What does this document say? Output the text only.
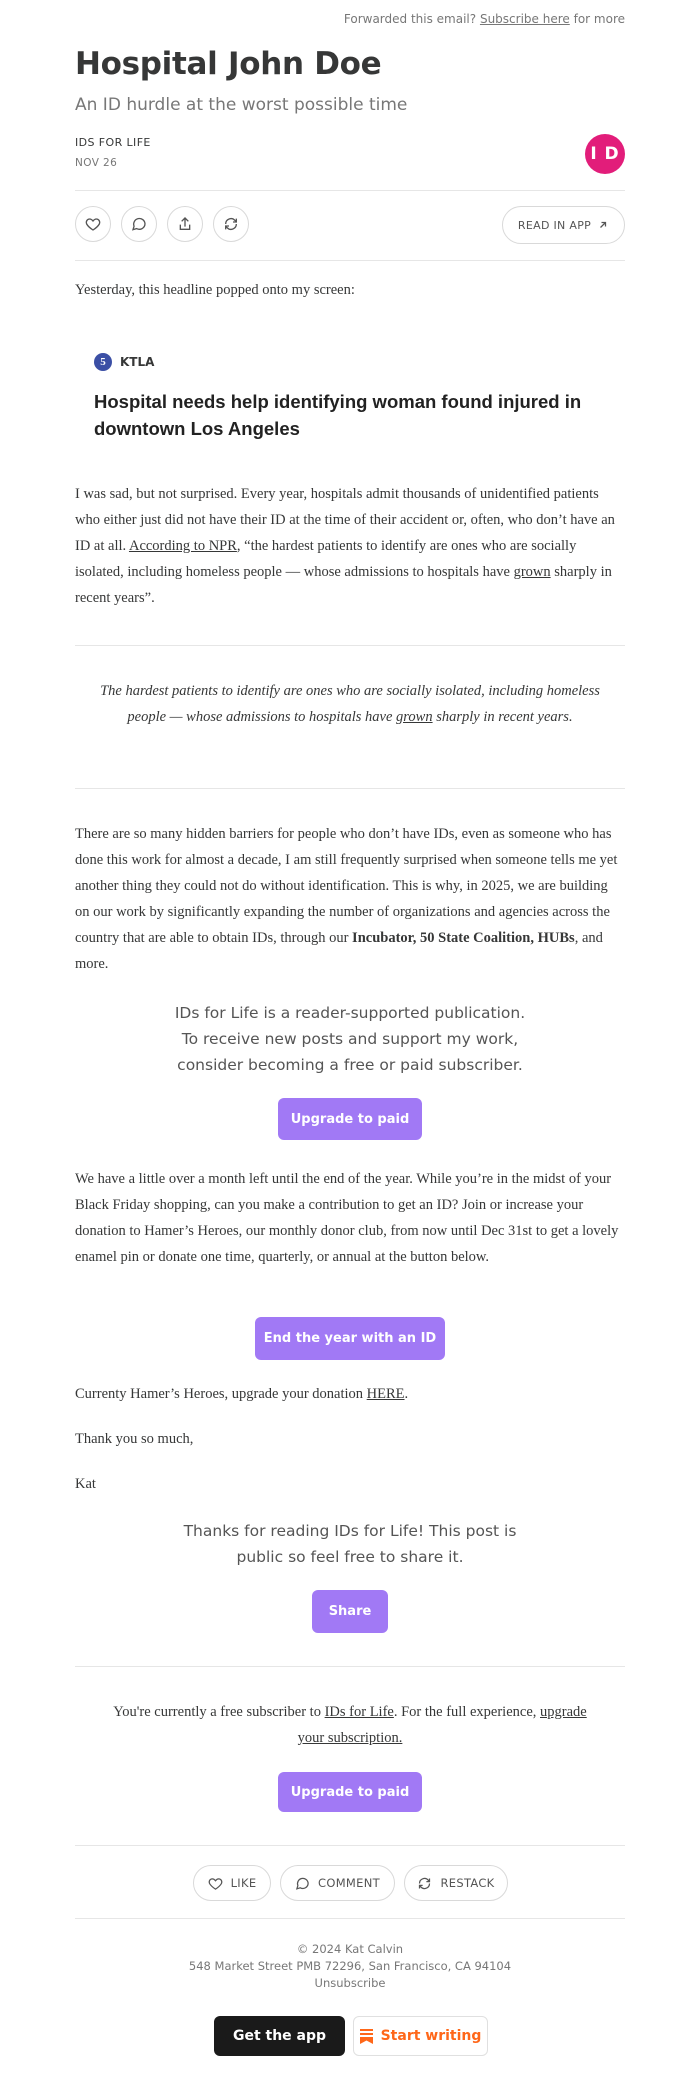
Forwarded this email? Subscribe here for more
Hospital John Doe
An ID hurdle at the worst possible time
IDS FOR LIFE
NOV 26	I D
READ IN APP

Yesterday, this headline popped onto my screen:

5	KTLA
Hospital needs help identifying woman found injured in downtown Los Angeles

I was sad, but not surprised. Every year, hospitals admit thousands of unidentified patients who either just did not have their ID at the time of their accident or, often, who don’t have an ID at all. According to NPR, “the hardest patients to identify are ones who are socially isolated, including homeless people — whose admissions to hospitals have grown sharply in recent years”.

The hardest patients to identify are ones who are socially isolated, including homeless people — whose admissions to hospitals have grown sharply in recent years.

There are so many hidden barriers for people who don’t have IDs, even as someone who has done this work for almost a decade, I am still frequently surprised when someone tells me yet another thing they could not do without identification. This is why, in 2025, we are building on our work by significantly expanding the number of organizations and agencies across the country that are able to obtain IDs, through our Incubator, 50 State Coalition, HUBs, and more.

IDs for Life is a reader-supported publication. To receive new posts and support my work, consider becoming a free or paid subscriber.
Upgrade to paid

We have a little over a month left until the end of the year. While you’re in the midst of your Black Friday shopping, can you make a contribution to get an ID? Join or increase your donation to Hamer’s Heroes, our monthly donor club, from now until Dec 31st to get a lovely enamel pin or donate one time, quarterly, or annual at the button below.

End the year with an ID

Currenty Hamer’s Heroes, upgrade your donation HERE.

Thank you so much,

Kat

Thanks for reading IDs for Life! This post is public so feel free to share it.
Share
You're currently a free subscriber to IDs for Life. For the full experience, upgrade your subscription.
Upgrade to paid
LIKE	COMMENT	RESTACK
© 2024 Kat Calvin
548 Market Street PMB 72296, San Francisco, CA 94104
Unsubscribe
Get the app	Start writing
